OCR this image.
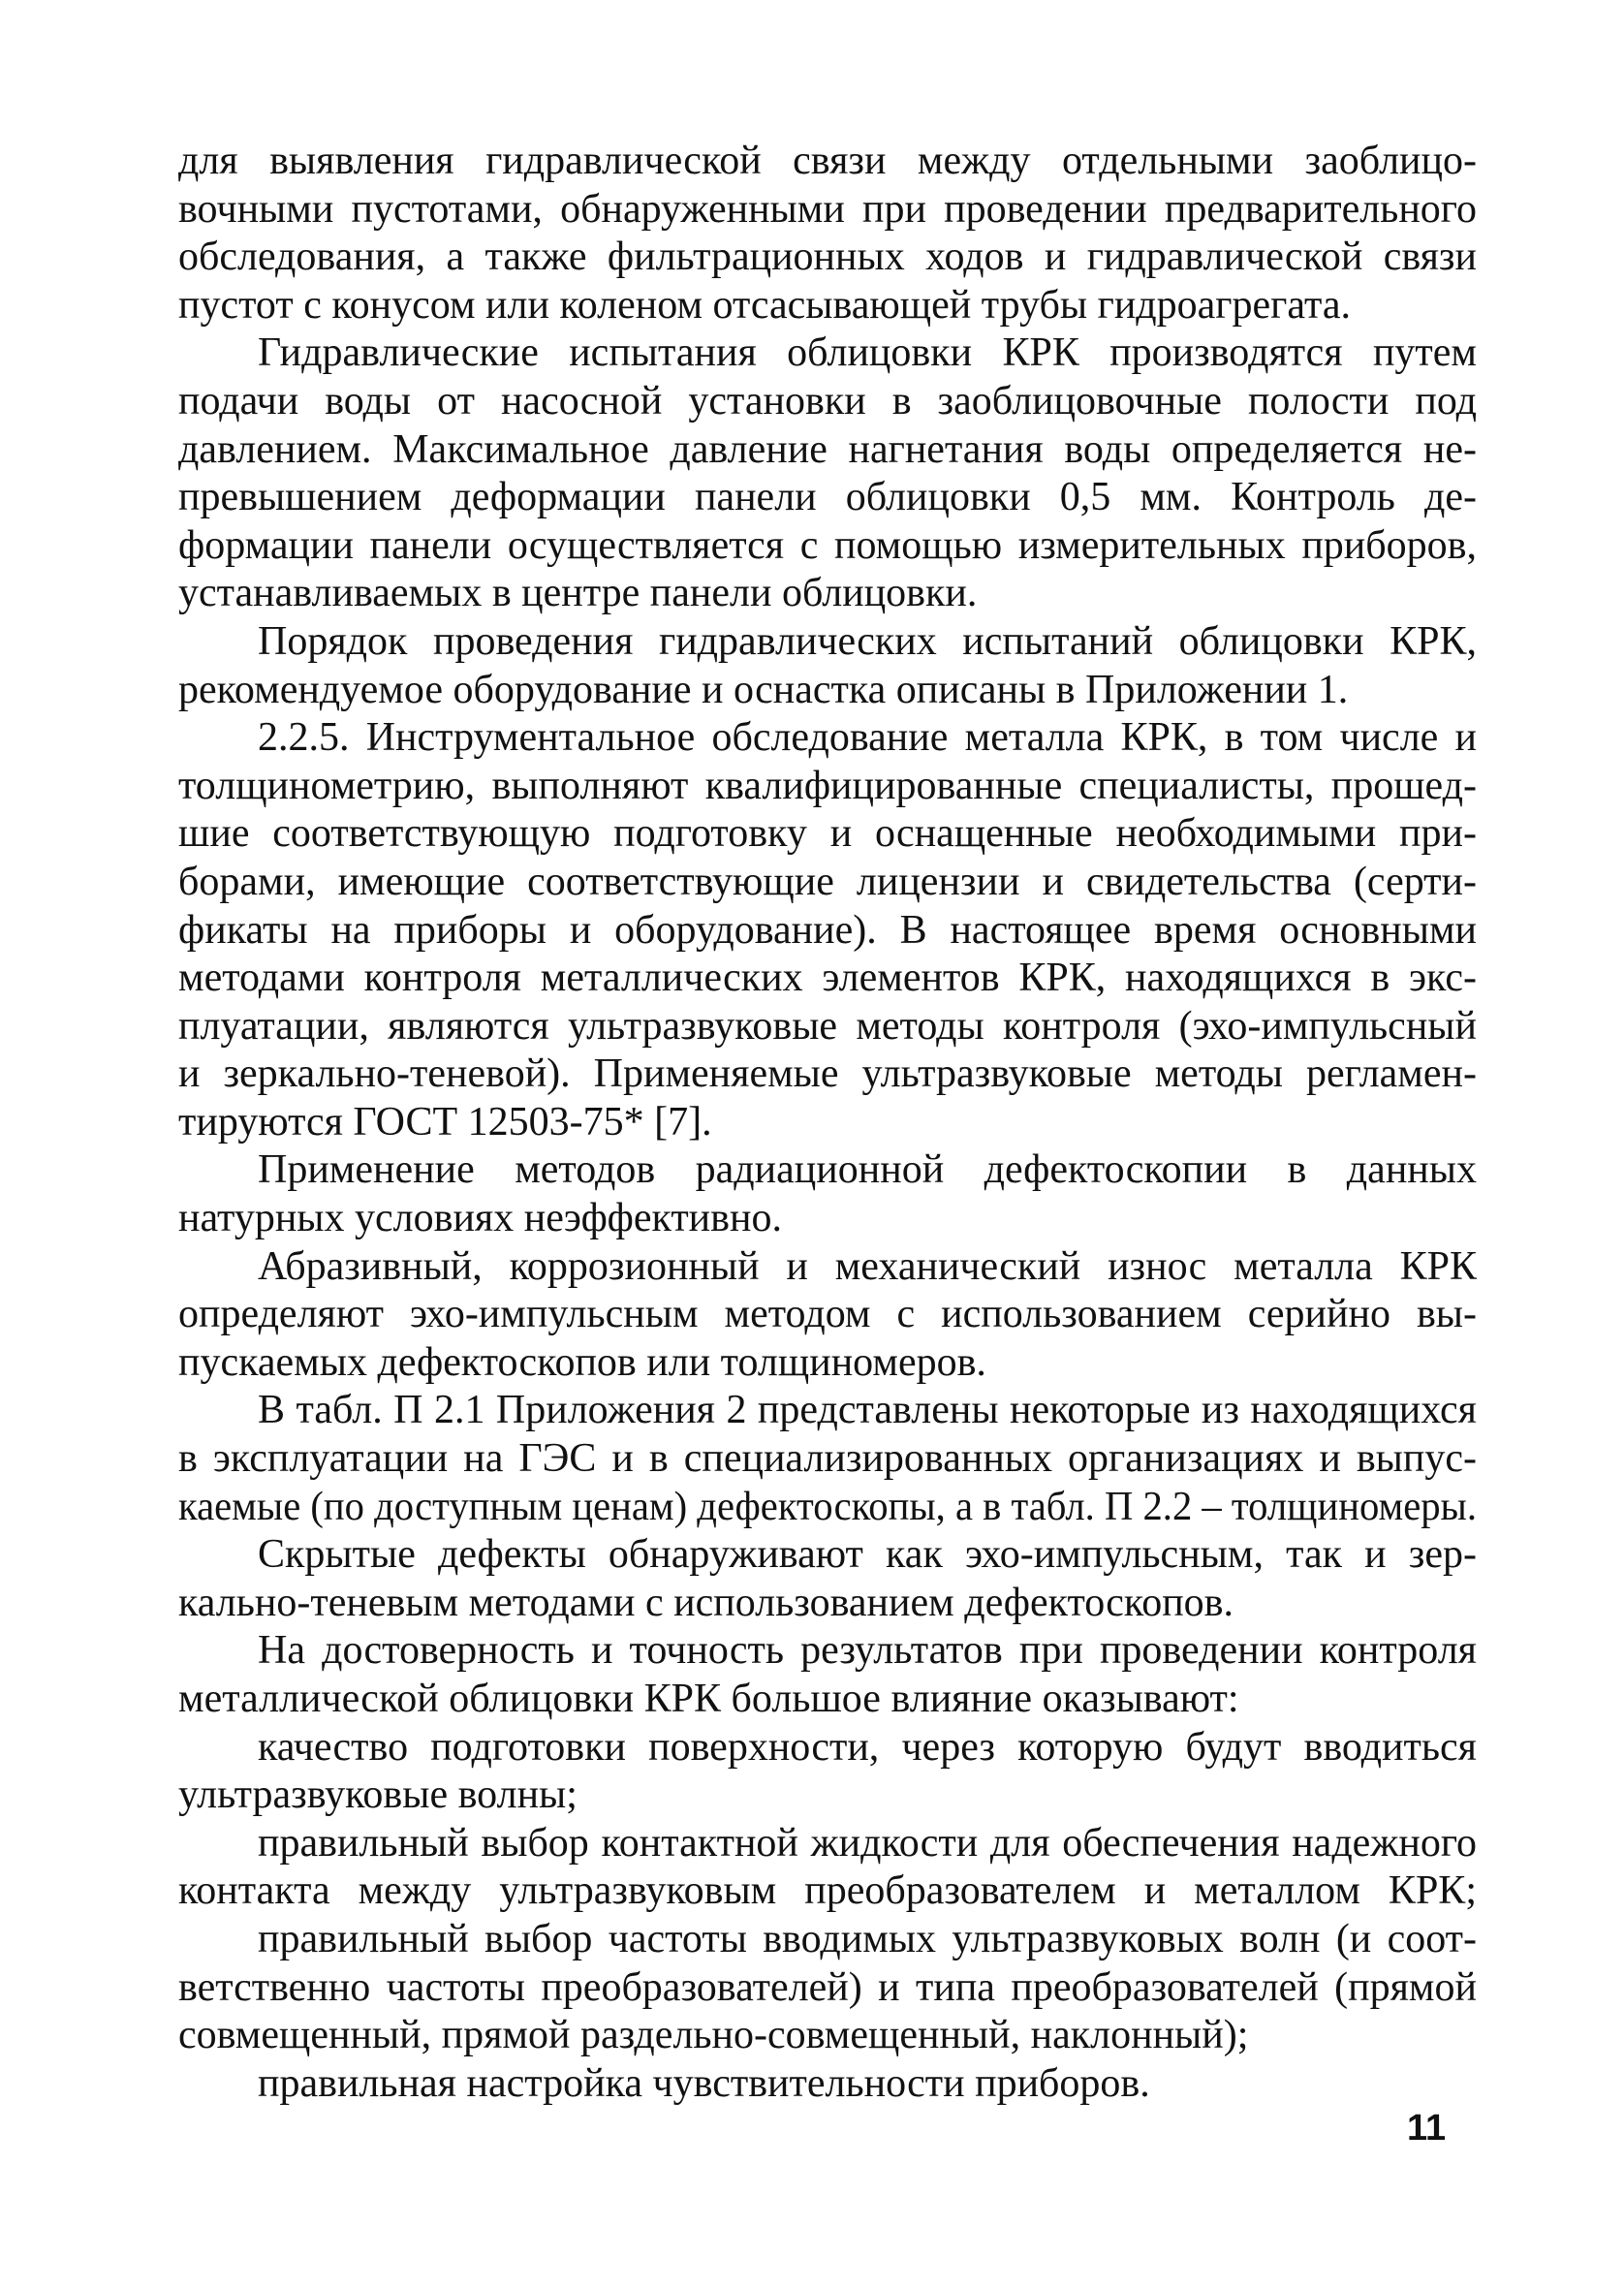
для выявления гидравлической связи между отдельными заоблицо-
вочными пустотами, обнаруженными при проведении предварительного
обследования, а также фильтрационных ходов и гидравлической связи
пустот с конусом или коленом отсасывающей трубы гидроагрегата.
Гидравлические испытания облицовки КРК производятся путем
подачи воды от насосной установки в заоблицовочные полости под
давлением. Максимальное давление нагнетания воды определяется не-
превышением деформации панели облицовки 0,5 мм. Контроль де-
формации панели осуществляется с помощью измерительных приборов,
устанавливаемых в центре панели облицовки.
Порядок проведения гидравлических испытаний облицовки КРК,
рекомендуемое оборудование и оснастка описаны в Приложении 1.
2.2.5. Инструментальное обследование металла КРК, в том числе и
толщинометрию, выполняют квалифицированные специалисты, прошед-
шие соответствующую подготовку и оснащенные необходимыми при-
борами, имеющие соответствующие лицензии и свидетельства (серти-
фикаты на приборы и оборудование). В настоящее время основными
методами контроля металлических элементов КРК, находящихся в экс-
плуатации, являются ультразвуковые методы контроля (эхо-импульсный
и зеркально-теневой). Применяемые ультразвуковые методы регламен-
тируются ГОСТ 12503-75* [7].
Применение методов радиационной дефектоскопии в данных
натурных условиях неэффективно.
Абразивный, коррозионный и механический износ металла КРК
определяют эхо-импульсным методом с использованием серийно вы-
пускаемых дефектоскопов или толщиномеров.
В табл. П 2.1 Приложения 2 представлены некоторые из находящихся
в эксплуатации на ГЭС и в специализированных организациях и выпус-
каемые (по доступным ценам) дефектоскопы, а в табл. П 2.2 – толщиномеры.
Скрытые дефекты обнаруживают как эхо-импульсным, так и зер-
кально-теневым методами с использованием дефектоскопов.
На достоверность и точность результатов при проведении контроля
металлической облицовки КРК большое влияние оказывают:
качество подготовки поверхности, через которую будут вводиться
ультразвуковые волны;
правильный выбор контактной жидкости для обеспечения надежного
контакта между ультразвуковым преобразователем и металлом КРК;
правильный выбор частоты вводимых ультразвуковых волн (и соот-
ветственно частоты преобразователей) и типа преобразователей (прямой
совмещенный, прямой раздельно-совмещенный, наклонный);
правильная настройка чувствительности приборов.
11
